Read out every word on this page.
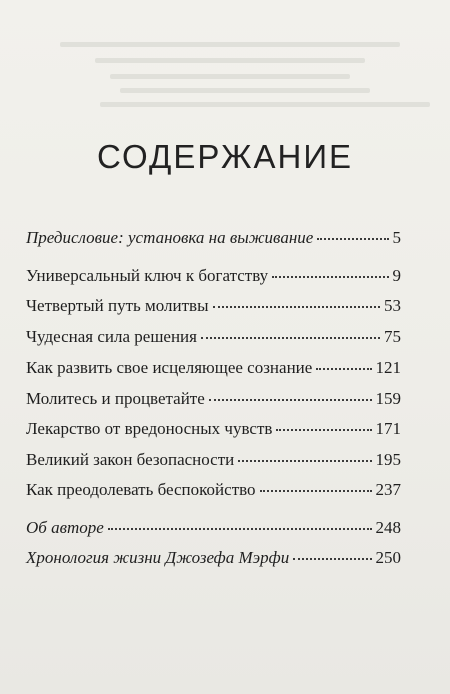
СОДЕРЖАНИЕ
Предисловие: установка на выживание	5
Универсальный ключ к богатству	9
Четвертый путь молитвы	53
Чудесная сила решения	75
Как развить свое исцеляющее сознание	121
Молитесь и процветайте	159
Лекарство от вредоносных чувств	171
Великий закон безопасности	195
Как преодолевать беспокойство	237
Об авторе	248
Хронология жизни Джозефа Мэрфи	250
